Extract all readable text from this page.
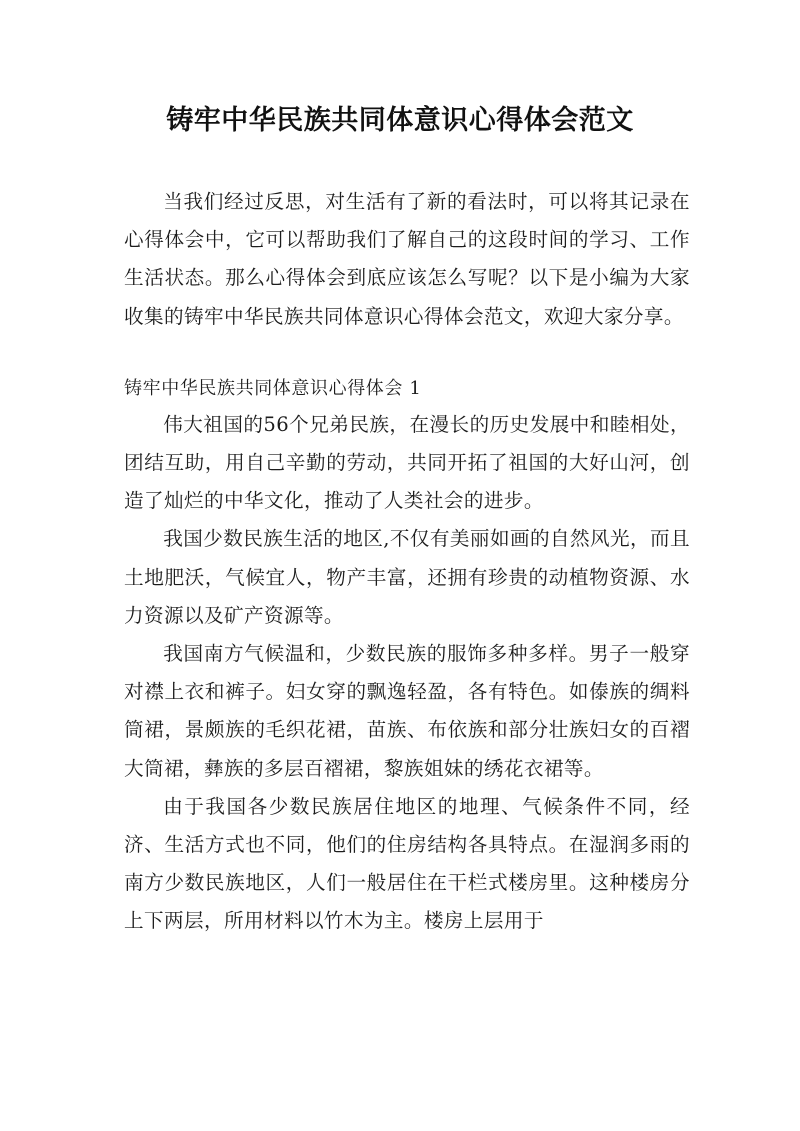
铸牢中华民族共同体意识心得体会范文

当我们经过反思，对生活有了新的看法时，可以将其记录在心得体会中，它可以帮助我们了解自己的这段时间的学习、工作生活状态。那么心得体会到底应该怎么写呢？以下是小编为大家收集的铸牢中华民族共同体意识心得体会范文，欢迎大家分享。

铸牢中华民族共同体意识心得体会 1

伟大祖国的56个兄弟民族，在漫长的历史发展中和睦相处，团结互助，用自己辛勤的劳动，共同开拓了祖国的大好山河，创造了灿烂的中华文化，推动了人类社会的进步。

我国少数民族生活的地区,不仅有美丽如画的自然风光，而且土地肥沃，气候宜人，物产丰富，还拥有珍贵的动植物资源、水力资源以及矿产资源等。

我国南方气候温和，少数民族的服饰多种多样。男子一般穿对襟上衣和裤子。妇女穿的飘逸轻盈，各有特色。如傣族的绸料筒裙，景颇族的毛织花裙，苗族、布依族和部分壮族妇女的百褶大筒裙，彝族的多层百褶裙，黎族姐妹的绣花衣裙等。

由于我国各少数民族居住地区的地理、气候条件不同，经济、生活方式也不同，他们的住房结构各具特点。在湿润多雨的南方少数民族地区，人们一般居住在干栏式楼房里。这种楼房分上下两层，所用材料以竹木为主。楼房上层用于
